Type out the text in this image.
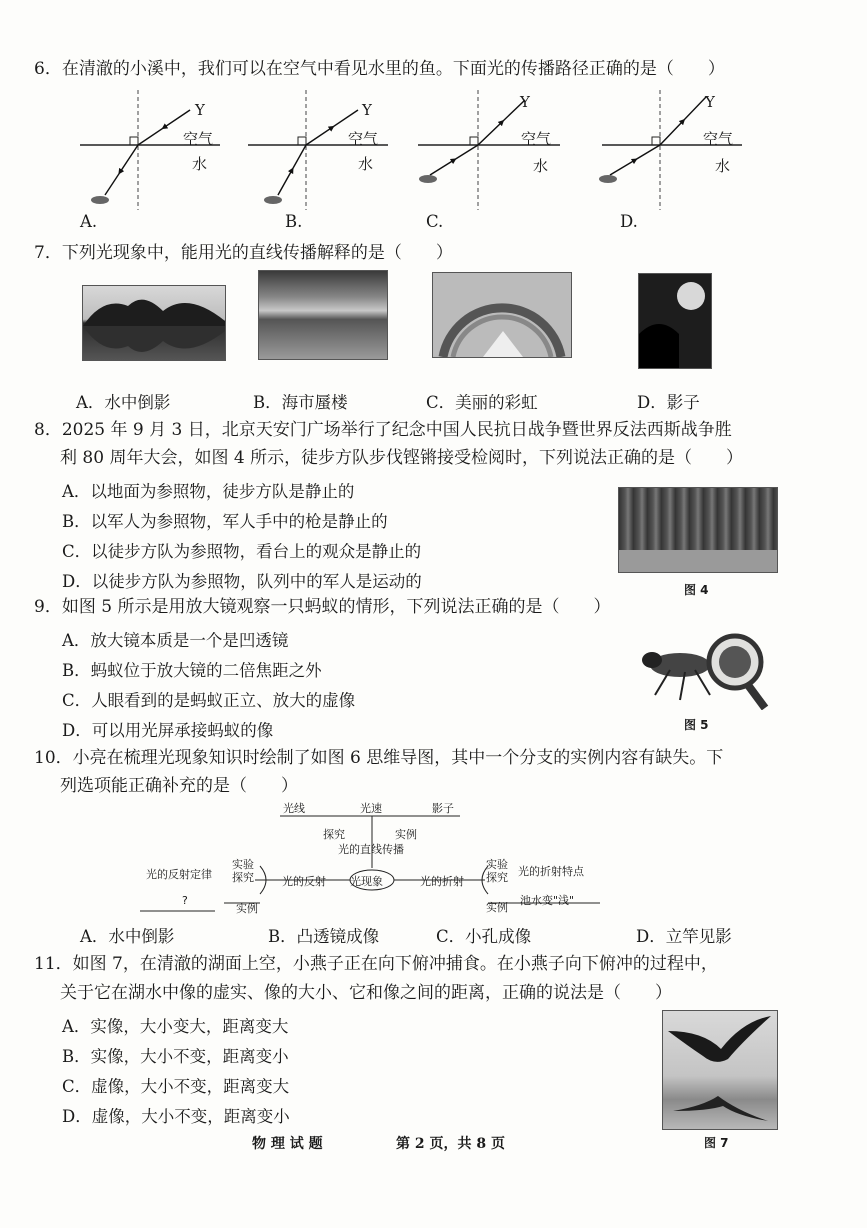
6．在清澈的小溪中，我们可以在空气中看见水里的鱼。下面光的传播路径正确的是（　　）
Y
空气
水
Y
空气
水
Y
空气
水
Y
空气
水
A.	B.	C.	D.
7．下列光现象中，能用光的直线传播解释的是（　　）
A．水中倒影	B．海市蜃楼	C．美丽的彩虹	D．影子
8．2025 年 9 月 3 日，北京天安门广场举行了纪念中国人民抗日战争暨世界反法西斯战争胜
利 80 周年大会，如图 4 所示，徒步方队步伐铿锵接受检阅时，下列说法正确的是（　　）
A．以地面为参照物，徒步方队是静止的
B．以军人为参照物，军人手中的枪是静止的
C．以徒步方队为参照物，看台上的观众是静止的
D．以徒步方队为参照物，队列中的军人是运动的	图 4
9．如图 5 所示是用放大镜观察一只蚂蚁的情形，下列说法正确的是（　　）
A．放大镜本质是一个是凹透镜
B．蚂蚁位于放大镜的二倍焦距之外
C．人眼看到的是蚂蚁正立、放大的虚像
D．可以用光屏承接蚂蚁的像	图 5
10．小亮在梳理光现象知识时绘制了如图 6 思维导图，其中一个分支的实例内容有缺失。下
列选项能正确补充的是（　　）
光线	光速	影子
探究	实例
光的直线传播
光现象
光的反射	光的折射
光的反射定律
实验探究
实例
?
实验探究 光的折射特点
实例
池水变"浅"
A．水中倒影	B．凸透镜成像	C．小孔成像	D．立竿见影
11．如图 7，在清澈的湖面上空，小燕子正在向下俯冲捕食。在小燕子向下俯冲的过程中，
关于它在湖水中像的虚实、像的大小、它和像之间的距离，正确的说法是（　　）
A．实像，大小变大，距离变大
B．实像，大小不变，距离变小
C．虚像，大小不变，距离变大
D．虚像，大小不变，距离变小
图 7
物 理 试 题	第 2 页，共 8 页
